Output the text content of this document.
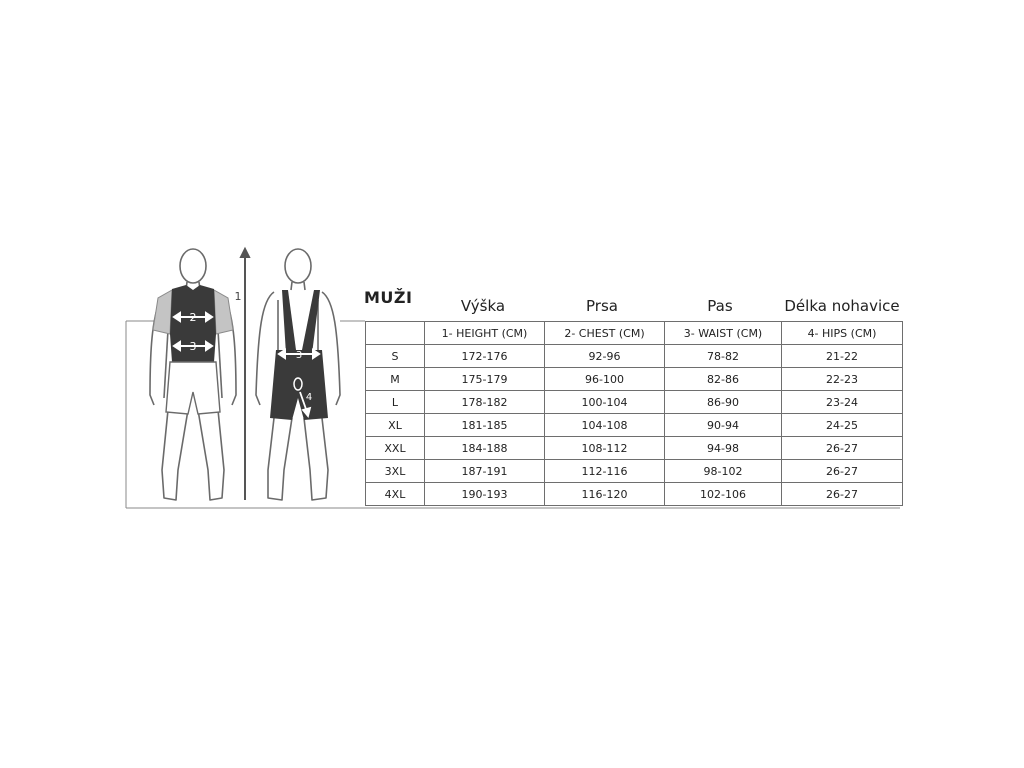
2
3
1
3
4
MUŽI	Výška	Prsa	Pas	Délka nohavice
	1- HEIGHT (CM)	2- CHEST (CM)	3- WAIST (CM)	4- HIPS (CM)
S	172-176	92-96	78-82	21-22
M	175-179	96-100	82-86	22-23
L	178-182	100-104	86-90	23-24
XL	181-185	104-108	90-94	24-25
XXL	184-188	108-112	94-98	26-27
3XL	187-191	112-116	98-102	26-27
4XL	190-193	116-120	102-106	26-27
